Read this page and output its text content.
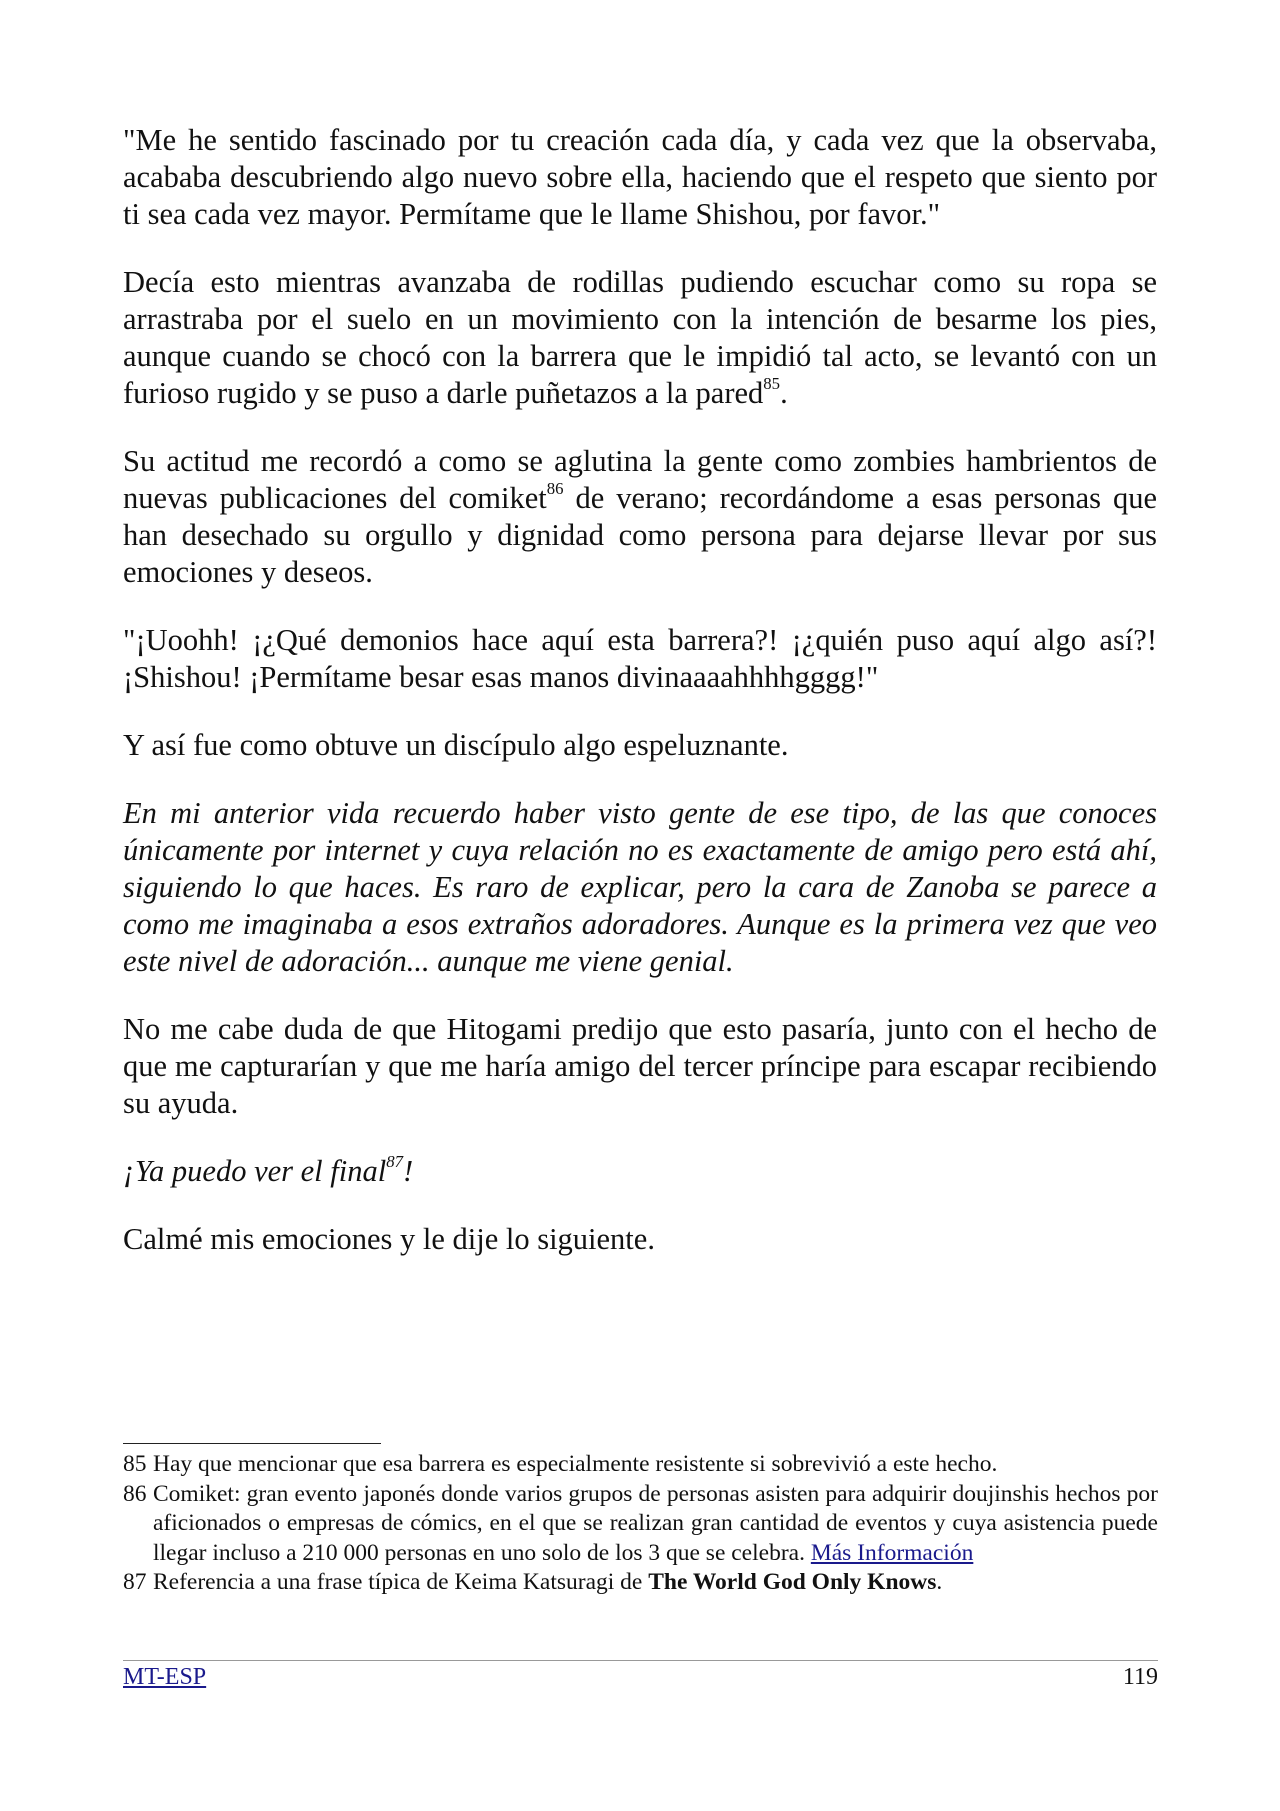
"Me he sentido fascinado por tu creación cada día, y cada vez que la observaba, acababa descubriendo algo nuevo sobre ella, haciendo que el respeto que siento por ti sea cada vez mayor. Permítame que le llame Shishou, por favor."

Decía esto mientras avanzaba de rodillas pudiendo escuchar como su ropa se arrastraba por el suelo en un movimiento con la intención de besarme los pies, aunque cuando se chocó con la barrera que le impidió tal acto, se levantó con un furioso rugido y se puso a darle puñetazos a la pared$^{85}$.

Su actitud me recordó a como se aglutina la gente como zombies hambrientos de nuevas publicaciones del comiket$^{86}$ de verano; recordándome a esas personas que han desechado su orgullo y dignidad como persona para dejarse llevar por sus emociones y deseos.

"¡Uoohh! ¡¿Qué demonios hace aquí esta barrera?! ¡¿quién puso aquí algo así?! ¡Shishou! ¡Permítame besar esas manos divinaaaahhhhgggg!"

Y así fue como obtuve un discípulo algo espeluznante.

En mi anterior vida recuerdo haber visto gente de ese tipo, de las que conoces únicamente por internet y cuya relación no es exactamente de amigo pero está ahí, siguiendo lo que haces. Es raro de explicar, pero la cara de Zanoba se parece a como me imaginaba a esos extraños adoradores. Aunque es la primera vez que veo este nivel de adoración... aunque me viene genial.

No me cabe duda de que Hitogami predijo que esto pasaría, junto con el hecho de que me capturarían y que me haría amigo del tercer príncipe para escapar recibiendo su ayuda.

¡Ya puedo ver el final$^{87}$!

Calmé mis emociones y le dije lo siguiente.

85 Hay que mencionar que esa barrera es especialmente resistente si sobrevivió a este hecho.
86 Comiket: gran evento japonés donde varios grupos de personas asisten para adquirir doujinshis hechos por aficionados o empresas de cómics, en el que se realizan gran cantidad de eventos y cuya asistencia puede llegar incluso a 210 000 personas en uno solo de los 3 que se celebra. Más Información
87 Referencia a una frase típica de Keima Katsuragi de The World God Only Knows.
MT-ESP	119
